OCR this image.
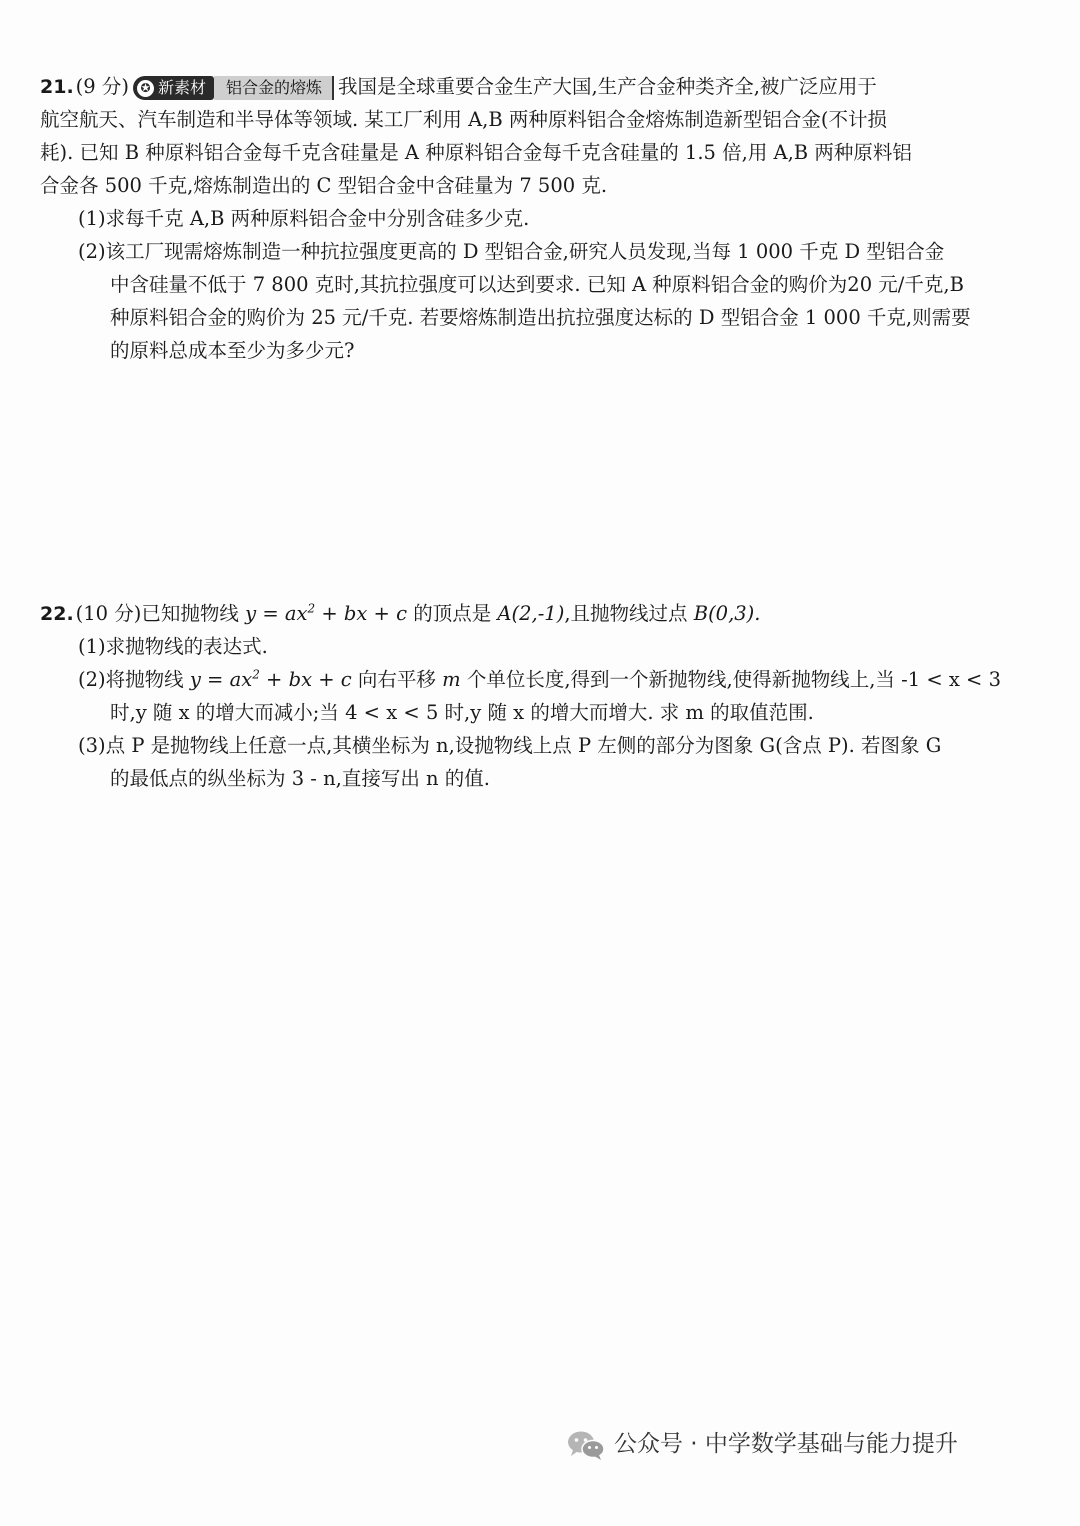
21. (9 分) ✪ 新素材 铝合金的熔炼 我国是全球重要合金生产大国,生产合金种类齐全,被广泛应用于
航空航天、汽车制造和半导体等领域. 某工厂利用 A,B 两种原料铝合金熔炼制造新型铝合金(不计损
耗). 已知 B 种原料铝合金每千克含硅量是 A 种原料铝合金每千克含硅量的 1.5 倍,用 A,B 两种原料铝
合金各 500 千克,熔炼制造出的 C 型铝合金中含硅量为 7 500 克.
(1)求每千克 A,B 两种原料铝合金中分别含硅多少克.
(2)该工厂现需熔炼制造一种抗拉强度更高的 D 型铝合金,研究人员发现,当每 1 000 千克 D 型铝合金
中含硅量不低于 7 800 克时,其抗拉强度可以达到要求. 已知 A 种原料铝合金的购价为20 元/千克,B
种原料铝合金的购价为 25 元/千克. 若要熔炼制造出抗拉强度达标的 D 型铝合金 1 000 千克,则需要
的原料总成本至少为多少元?
22. (10 分)已知抛物线 $y = ax^2$ + bx + c 的顶点是 A(2,-1),且抛物线过点 B(0,3).
(1)求抛物线的表达式.
(2)将抛物线 $y = ax^2$ + bx + c 向右平移 m 个单位长度,得到一个新抛物线,使得新抛物线上,当 -1 < x < 3
时,y 随 x 的增大而减小;当 4 < x < 5 时,y 随 x 的增大而增大. 求 m 的取值范围.
(3)点 P 是抛物线上任意一点,其横坐标为 n,设抛物线上点 P 左侧的部分为图象 G(含点 P). 若图象 G
的最低点的纵坐标为 3 - n,直接写出 n 的值.
公众号 · 中学数学基础与能力提升
